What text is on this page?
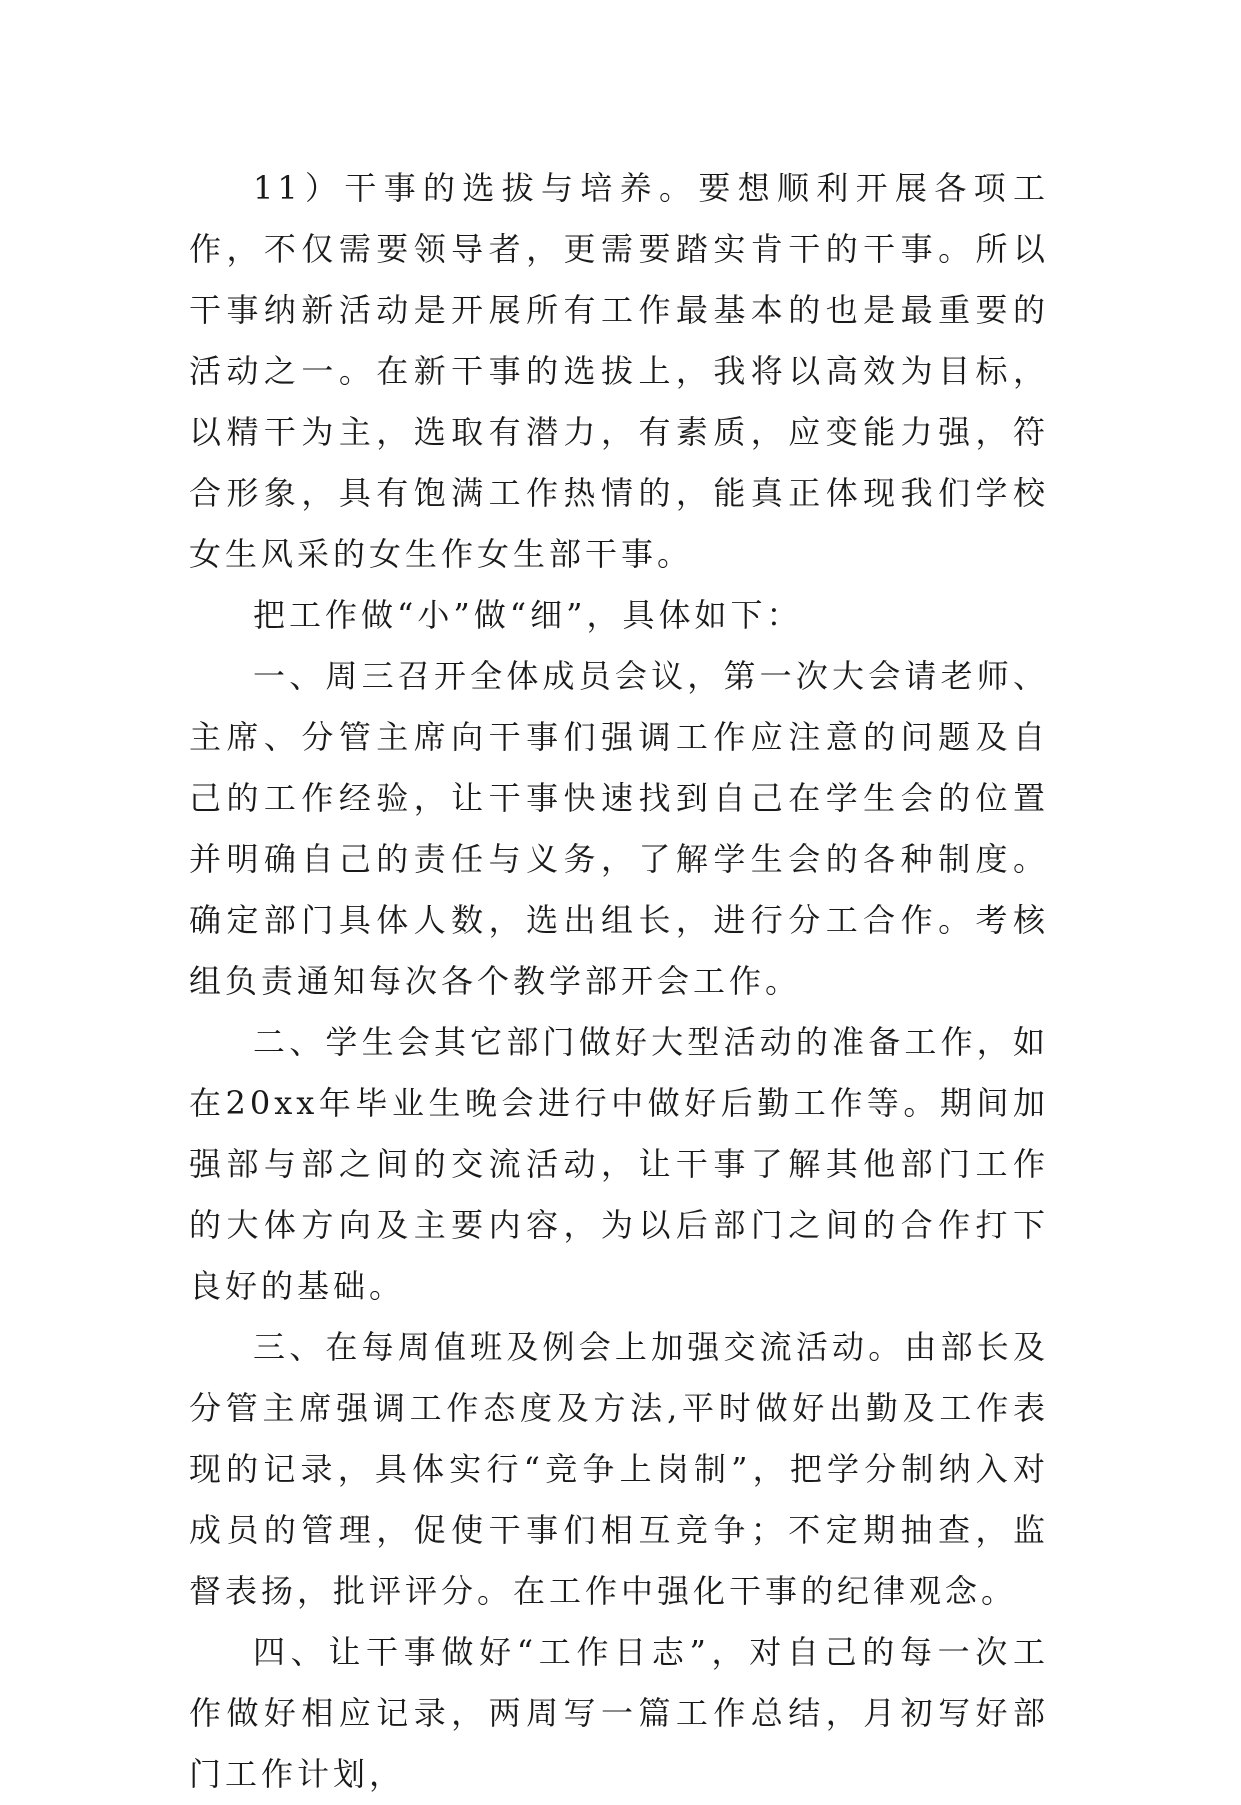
11）干事的选拔与培养。要想顺利开展各项工作，不仅需要领导者，更需要踏实肯干的干事。所以干事纳新活动是开展所有工作最基本的也是最重要的活动之一。在新干事的选拔上，我将以高效为目标，以精干为主，选取有潜力，有素质，应变能力强，符合形象，具有饱满工作热情的，能真正体现我们学校女生风采的女生作女生部干事。

把工作做“小”做“细”，具体如下：

一、周三召开全体成员会议，第一次大会请老师、主席、分管主席向干事们强调工作应注意的问题及自己的工作经验，让干事快速找到自己在学生会的位置并明确自己的责任与义务，了解学生会的各种制度。确定部门具体人数，选出组长，进行分工合作。考核组负责通知每次各个教学部开会工作。

二、学生会其它部门做好大型活动的准备工作，如在20xx年毕业生晚会进行中做好后勤工作等。期间加强部与部之间的交流活动，让干事了解其他部门工作的大体方向及主要内容，为以后部门之间的合作打下良好的基础。

三、在每周值班及例会上加强交流活动。由部长及分管主席强调工作态度及方法,平时做好出勤及工作表现的记录，具体实行“竞争上岗制”，把学分制纳入对成员的管理，促使干事们相互竞争；不定期抽查，监督表扬，批评评分。在工作中强化干事的纪律观念。

四、让干事做好“工作日志”，对自己的每一次工作做好相应记录，两周写一篇工作总结，月初写好部门工作计划，
